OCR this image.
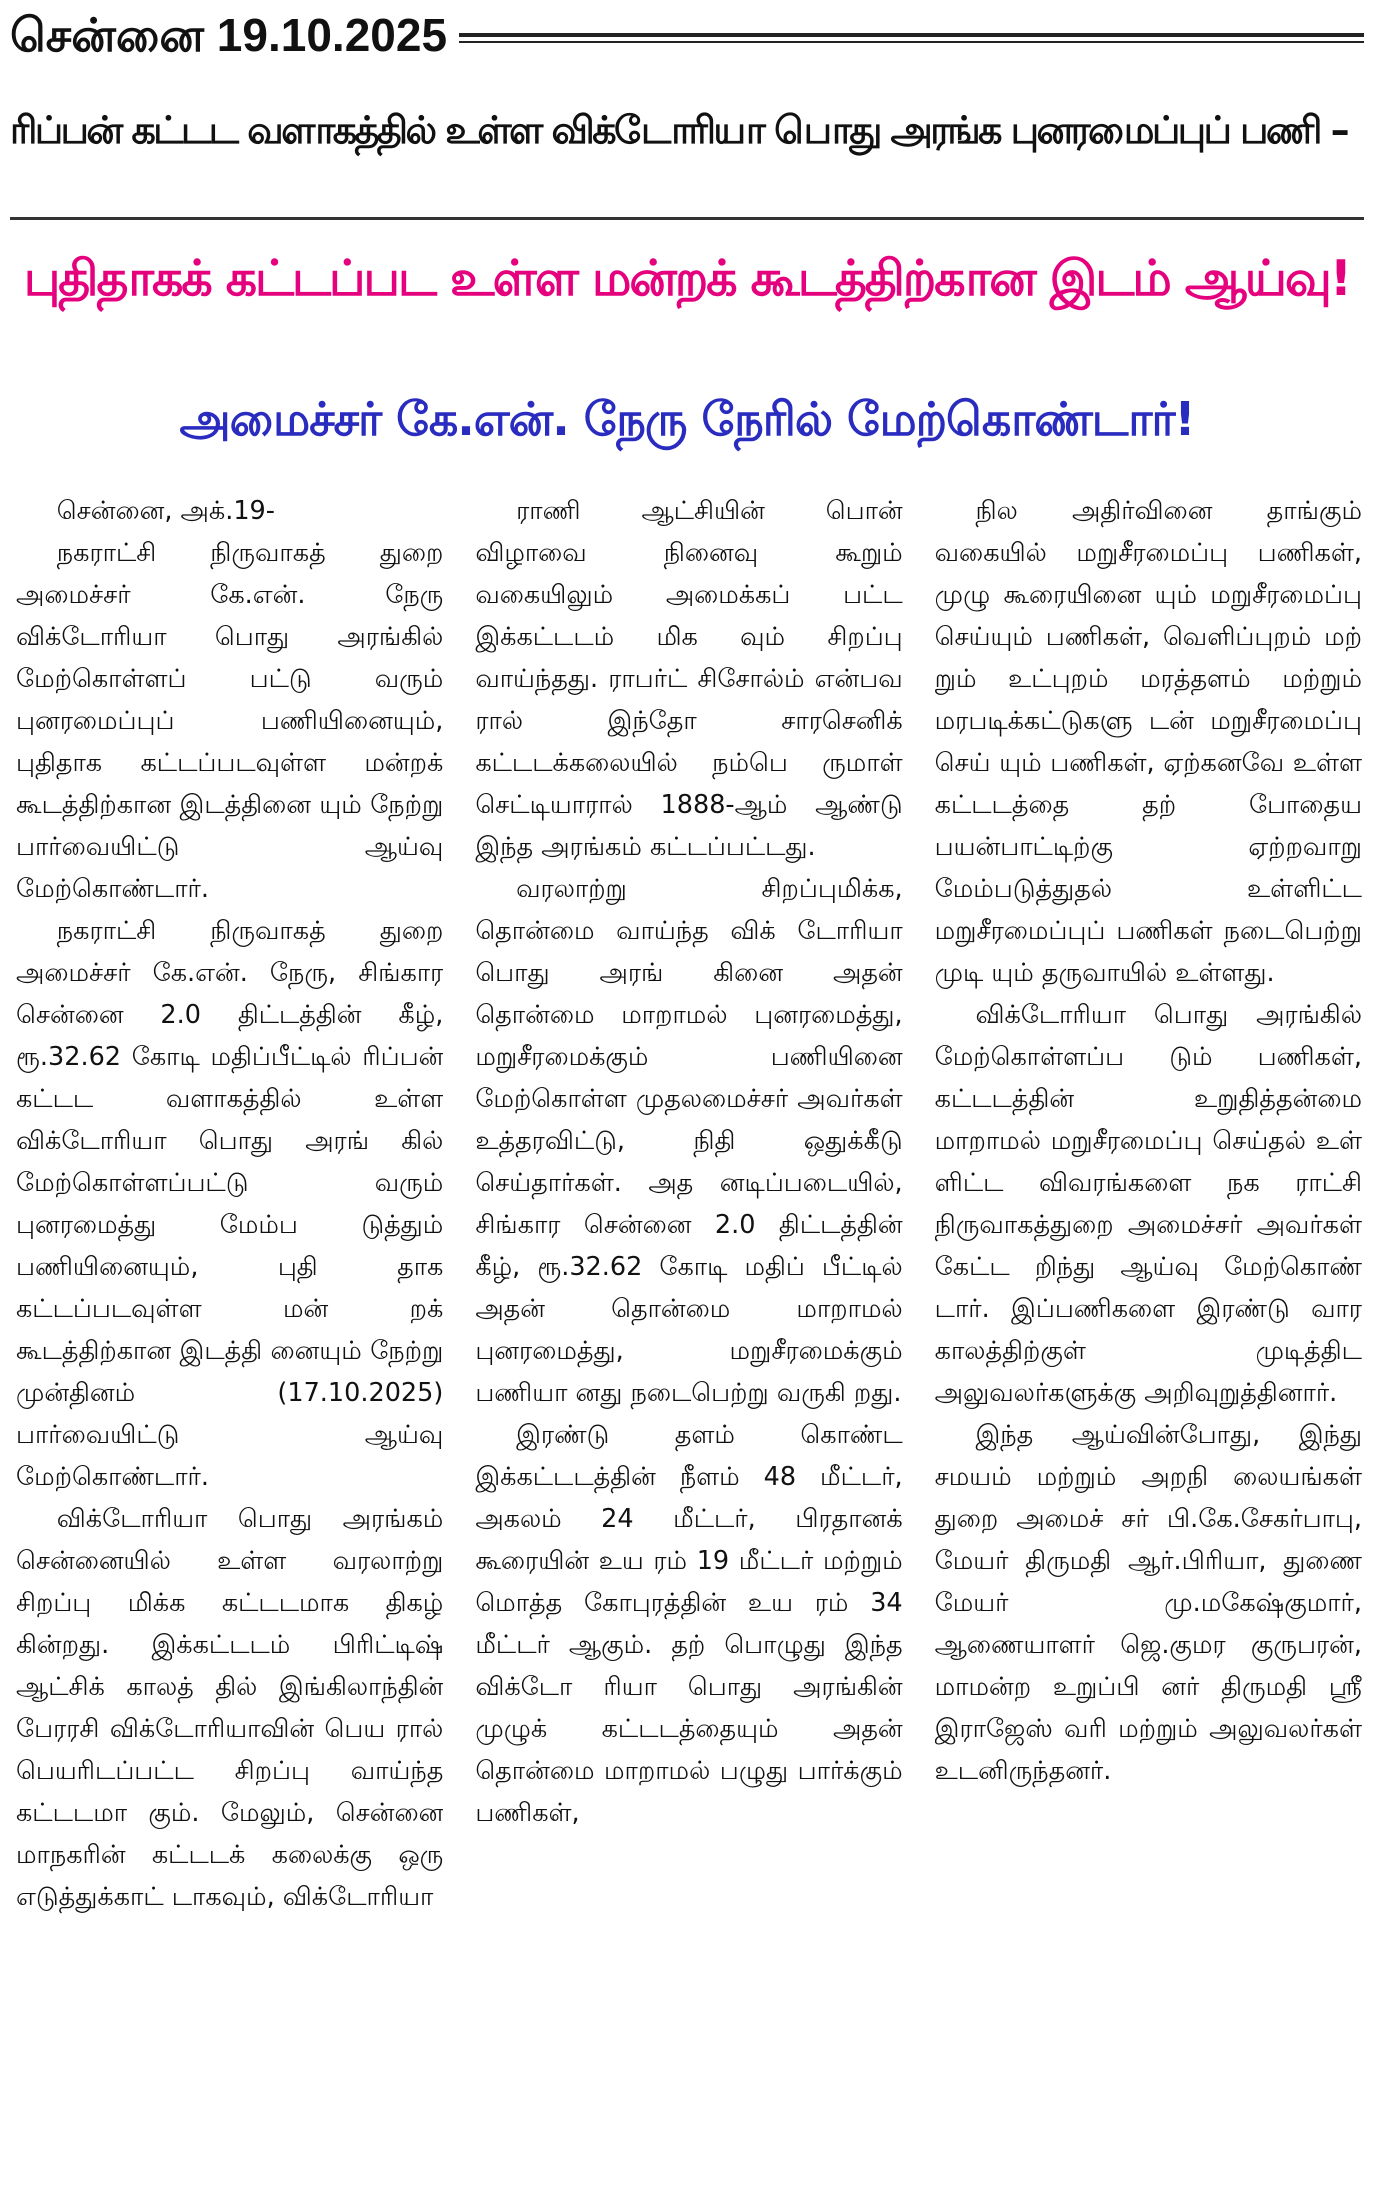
சென்னை 19.10.2025
ரிப்பன் கட்டட வளாகத்தில் உள்ள விக்டோரியா பொது அரங்க புனரமைப்புப் பணி –
புதிதாகக் கட்டப்பட உள்ள மன்றக் கூடத்திற்கான இடம் ஆய்வு!
அமைச்சர் கே.என். நேரு நேரில் மேற்கொண்டார்!

சென்னை, அக்.19-

நகராட்சி நிருவாகத் துறை அமைச்சர் கே.என். நேரு விக்டோரியா பொது அரங்கில் மேற்கொள்ளப் பட்டு வரும் புனரமைப்புப் பணியினையும், புதிதாக கட்டப்படவுள்ள மன்றக் கூடத்திற்கான இடத்தினை யும் நேற்று பார்வையிட்டு ஆய்வு மேற்கொண்டார்.

நகராட்சி நிருவாகத் துறை அமைச்சர் கே.என். நேரு, சிங்கார சென்னை 2.0 திட்டத்தின் கீழ், ரூ.32.62 கோடி மதிப்பீட்டில் ரிப்பன் கட்டட வளாகத்தில் உள்ள விக்டோரியா பொது அரங் கில் மேற்கொள்ளப்பட்டு வரும் புனரமைத்து மேம்ப டுத்தும் பணியினையும், புதி தாக கட்டப்படவுள்ள மன் றக் கூடத்திற்கான இடத்தி னையும் நேற்று முன்தினம் (17.10.2025) பார்வையிட்டு ஆய்வு மேற்கொண்டார்.

விக்டோரியா பொது அரங்கம் சென்னையில் உள்ள வரலாற்று சிறப்பு மிக்க கட்டடமாக திகழ் கின்றது. இக்கட்டடம் பிரிட்டிஷ் ஆட்சிக் காலத் தில் இங்கிலாந்தின் பேரரசி விக்டோரியாவின் பெய ரால் பெயரிடப்பட்ட சிறப்பு வாய்ந்த கட்டடமா கும். மேலும், சென்னை மாநகரின் கட்டடக் கலைக்கு ஒரு எடுத்துக்காட் டாகவும், விக்டோரியா

ராணி ஆட்சியின் பொன் விழாவை நினைவு கூறும் வகையிலும் அமைக்கப் பட்ட இக்கட்டடம் மிக வும் சிறப்பு வாய்ந்தது. ராபர்ட் சிசோல்ம் என்பவ ரால் இந்தோ சாரசெனிக் கட்டடக்கலையில் நம்பெ ருமாள் செட்டியாரால் 1888-ஆம் ஆண்டு இந்த அரங்கம் கட்டப்பட்டது.

வரலாற்று சிறப்புமிக்க, தொன்மை வாய்ந்த விக் டோரியா பொது அரங் கினை அதன் தொன்மை மாறாமல் புனரமைத்து, மறுசீரமைக்கும் பணியினை மேற்கொள்ள முதலமைச்சர் அவர்கள் உத்தரவிட்டு, நிதி ஒதுக்கீடு செய்தார்கள். அத னடிப்படையில், சிங்கார சென்னை 2.0 திட்டத்தின் கீழ், ரூ.32.62 கோடி மதிப் பீட்டில் அதன் தொன்மை மாறாமல் புனரமைத்து, மறுசீரமைக்கும் பணியா னது நடைபெற்று வருகி றது.

இரண்டு தளம் கொண்ட இக்கட்டடத்தின் நீளம் 48 மீட்டர், அகலம் 24 மீட்டர், பிரதானக் கூரையின் உய ரம் 19 மீட்டர் மற்றும் மொத்த கோபுரத்தின் உய ரம் 34 மீட்டர் ஆகும். தற் பொழுது இந்த விக்டோ ரியா பொது அரங்கின் முழுக் கட்டடத்தையும் அதன் தொன்மை மாறாமல் பழுது பார்க்கும் பணிகள்,

நில அதிர்வினை தாங்கும் வகையில் மறுசீரமைப்பு பணிகள், முழு கூரையினை யும் மறுசீரமைப்பு செய்யும் பணிகள், வெளிப்புறம் மற் றும் உட்புறம் மரத்தளம் மற்றும் மரபடிக்கட்டுகளு டன் மறுசீரமைப்பு செய் யும் பணிகள், ஏற்கனவே உள்ள கட்டடத்தை தற் போதைய பயன்பாட்டிற்கு ஏற்றவாறு மேம்படுத்துதல் உள்ளிட்ட மறுசீரமைப்புப் பணிகள் நடைபெற்று முடி யும் தருவாயில் உள்ளது.

விக்டோரியா பொது அரங்கில் மேற்கொள்ளப்ப டும் பணிகள், கட்டடத்தின் உறுதித்தன்மை மாறாமல் மறுசீரமைப்பு செய்தல் உள் ளிட்ட விவரங்களை நக ராட்சி நிருவாகத்துறை அமைச்சர் அவர்கள் கேட்ட றிந்து ஆய்வு மேற்கொண் டார். இப்பணிகளை இரண்டு வார காலத்திற்குள் முடித்திட அலுவலர்களுக்கு அறிவுறுத்தினார்.

இந்த ஆய்வின்போது, இந்து சமயம் மற்றும் அறநி லையங்கள் துறை அமைச் சர் பி.கே.சேகர்பாபு, மேயர் திருமதி ஆர்.பிரியா, துணை மேயர் மு.மகேஷ்குமார், ஆணையாளர் ஜெ.குமர குருபரன், மாமன்ற உறுப்பி னர் திருமதி ஸ்ரீ இராஜேஸ் வரி மற்றும் அலுவலர்கள் உடனிருந்தனர்.
